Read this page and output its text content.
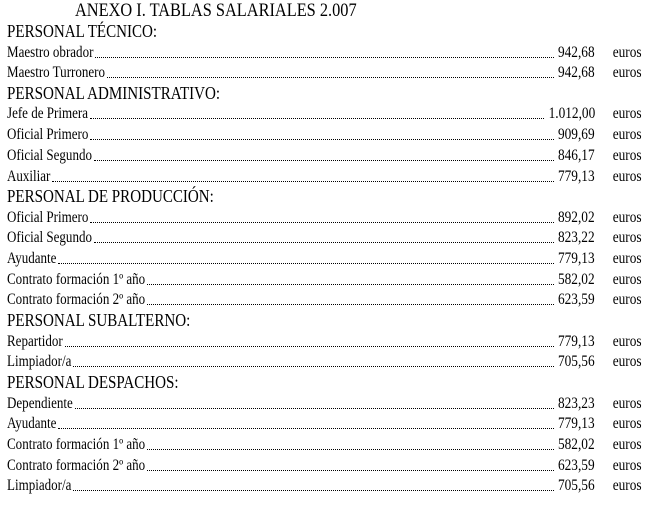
ANEXO I. TABLAS SALARIALES 2.007
PERSONAL TÉCNICO:
Maestro obrador	942,68 euros
Maestro Turronero	942,68 euros
PERSONAL ADMINISTRATIVO:
Jefe de Primera	1.012,00 euros
Oficial Primero	909,69 euros
Oficial Segundo	846,17 euros
Auxiliar	779,13 euros
PERSONAL DE PRODUCCIÓN:
Oficial Primero	892,02 euros
Oficial Segundo	823,22 euros
Ayudante	779,13 euros
Contrato formación 1º año	582,02 euros
Contrato formación 2º año	623,59 euros
PERSONAL SUBALTERNO:
Repartidor	779,13 euros
Limpiador/a	705,56 euros
PERSONAL DESPACHOS:
Dependiente	823,23 euros
Ayudante	779,13 euros
Contrato formación 1º año	582,02 euros
Contrato formación 2º año	623,59 euros
Limpiador/a	705,56 euros
